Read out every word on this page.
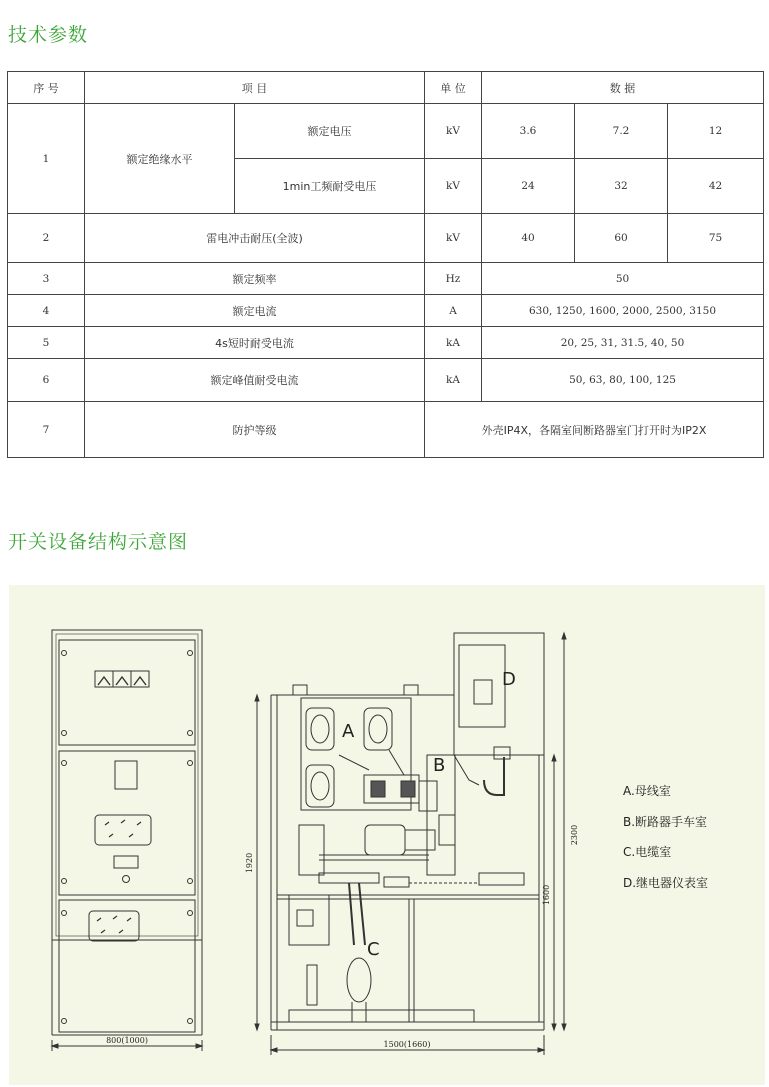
技术参数
序 号	项 目		单 位	数 据		
1	额定绝缘水平	额定电压	kV	3.6	7.2	12
		1min工频耐受电压	kV	24	32	42
2	雷电冲击耐压(全波)		kV	40	60	75
3	额定频率		Hz	50		
4	额定电流		A	630, 1250, 1600, 2000, 2500, 3150		
5	4s短时耐受电流		kA	20, 25, 31, 31.5, 40, 50		
6	额定峰值耐受电流		kA	50, 63, 80, 100, 125		
7	防护等级		外壳IP4X，各隔室间断路器室门打开时为IP2X			
开关设备结构示意图
A
B
C
D
800(1000)	1500(1660)
1920
2300
1600
A.母线室
B.断路器手车室
C.电缆室
D.继电器仪表室
